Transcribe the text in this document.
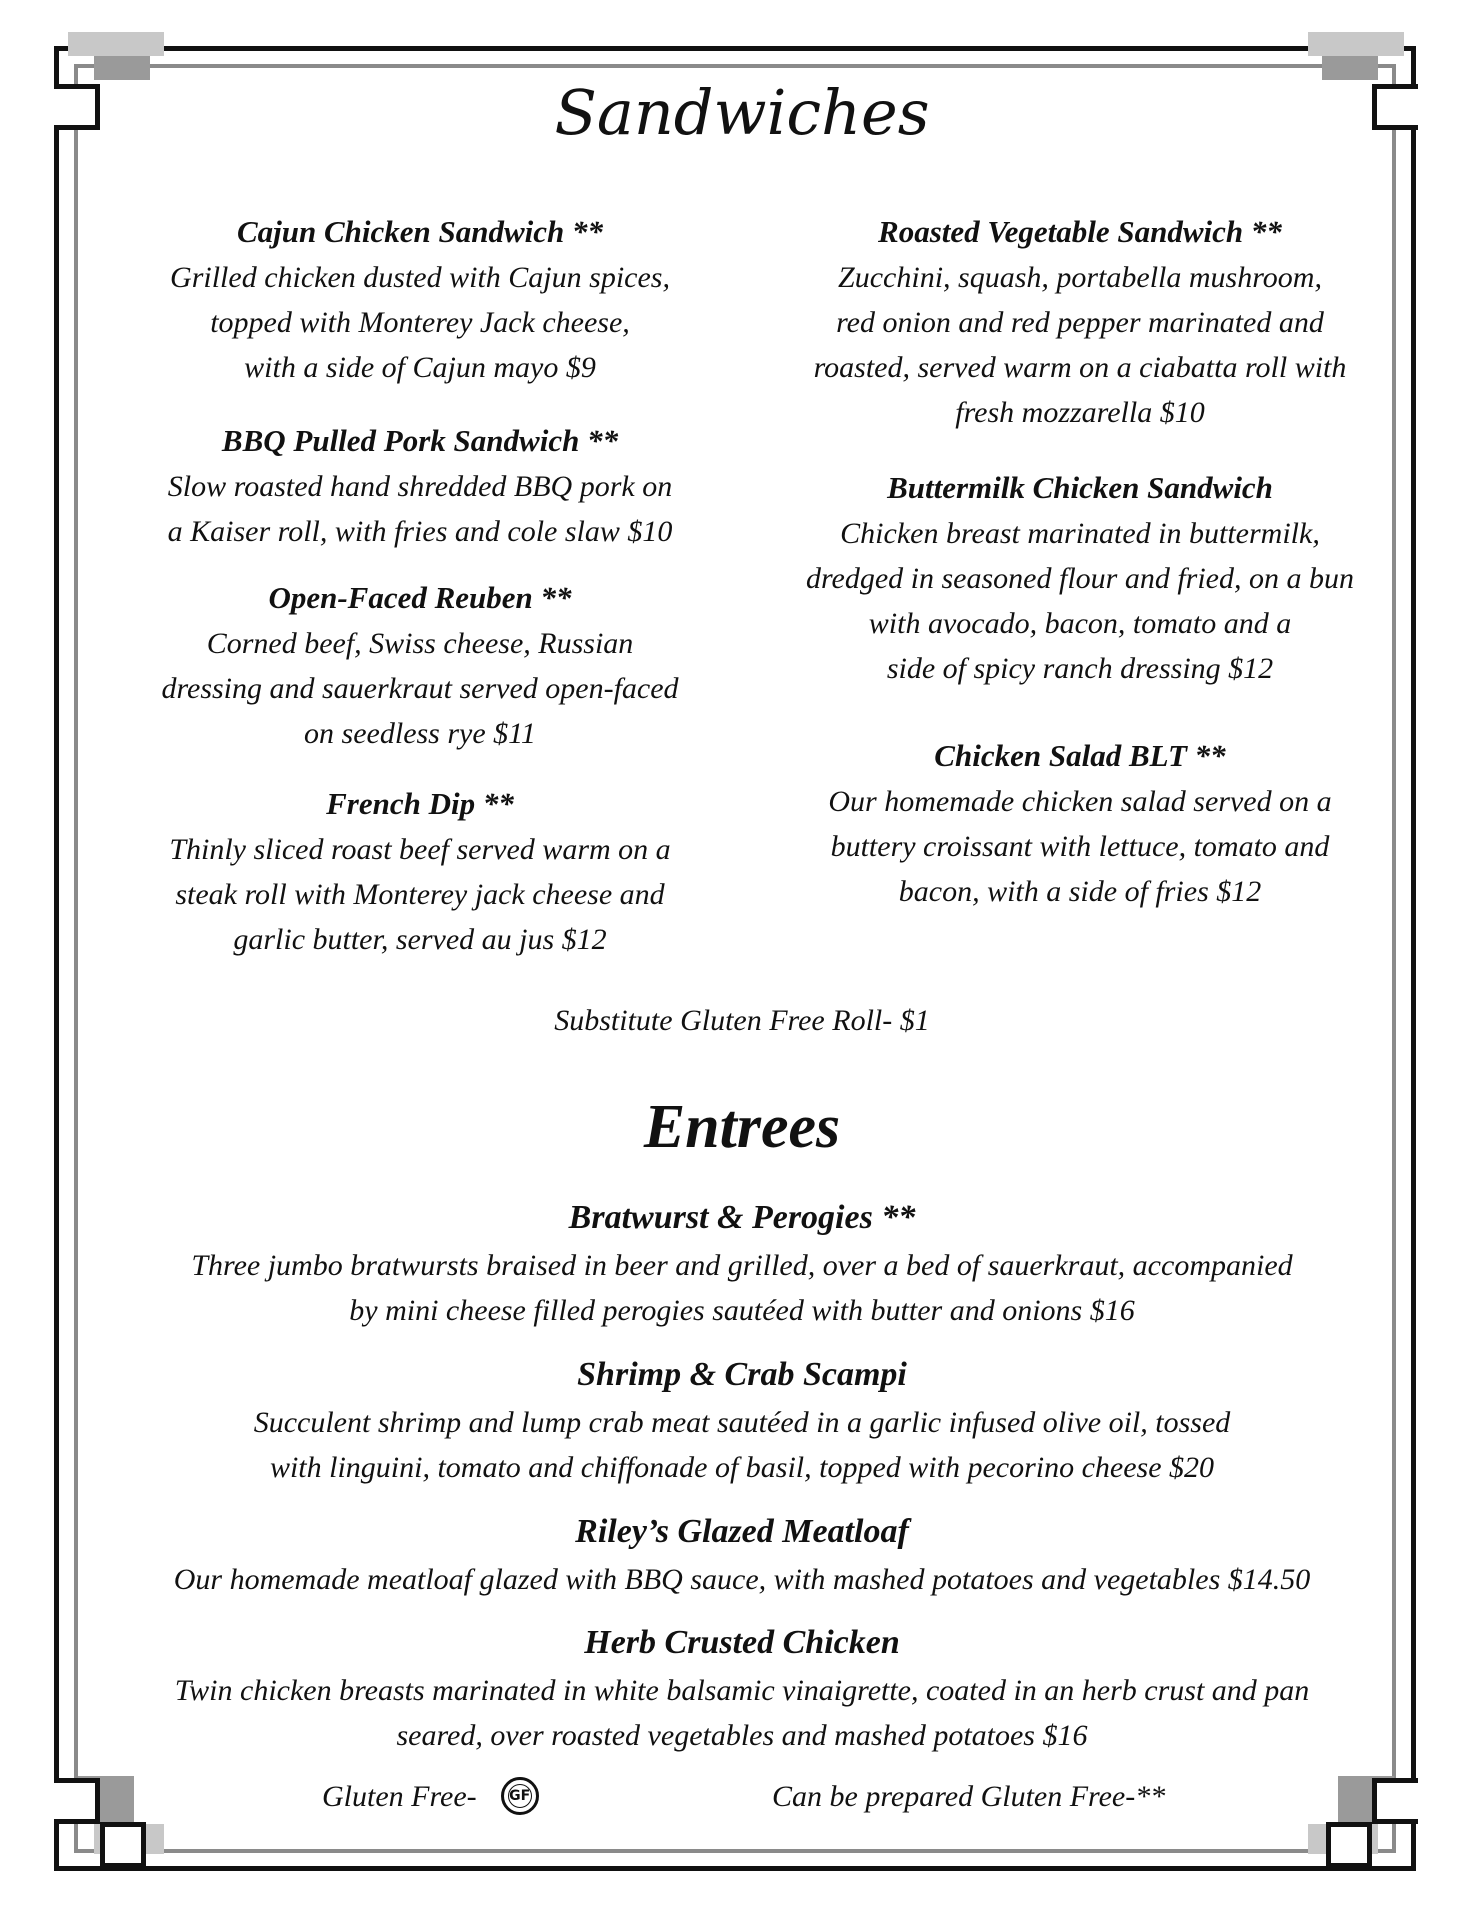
Sandwiches
Cajun Chicken Sandwich **
Grilled chicken dusted with Cajun spices,
topped with Monterey Jack cheese,
with a side of Cajun mayo $9
BBQ Pulled Pork Sandwich **
Slow roasted hand shredded BBQ pork on
a Kaiser roll, with fries and cole slaw $10
Open-Faced Reuben **
Corned beef, Swiss cheese, Russian
dressing and sauerkraut served open-faced
on seedless rye $11
French Dip **
Thinly sliced roast beef served warm on a
steak roll with Monterey jack cheese and
garlic butter, served au jus $12
Roasted Vegetable Sandwich **
Zucchini, squash, portabella mushroom,
red onion and red pepper marinated and
roasted, served warm on a ciabatta roll with
fresh mozzarella $10
Buttermilk Chicken Sandwich
Chicken breast marinated in buttermilk,
dredged in seasoned flour and fried, on a bun
with avocado, bacon, tomato and a
side of spicy ranch dressing $12
Chicken Salad BLT **
Our homemade chicken salad served on a
buttery croissant with lettuce, tomato and
bacon, with a side of fries $12
Substitute Gluten Free Roll- $1
Entrees
Bratwurst & Perogies **
Three jumbo bratwursts braised in beer and grilled, over a bed of sauerkraut, accompanied
by mini cheese filled perogies sautéed with butter and onions $16
Shrimp & Crab Scampi
Succulent shrimp and lump crab meat sautéed in a garlic infused olive oil, tossed
with linguini, tomato and chiffonade of basil, topped with pecorino cheese $20
Riley’s Glazed Meatloaf
Our homemade meatloaf glazed with BBQ sauce, with mashed potatoes and vegetables $14.50
Herb Crusted Chicken
Twin chicken breasts marinated in white balsamic vinaigrette, coated in an herb crust and pan
seared, over roasted vegetables and mashed potatoes $16
Gluten Free- GF	Can be prepared Gluten Free-**
